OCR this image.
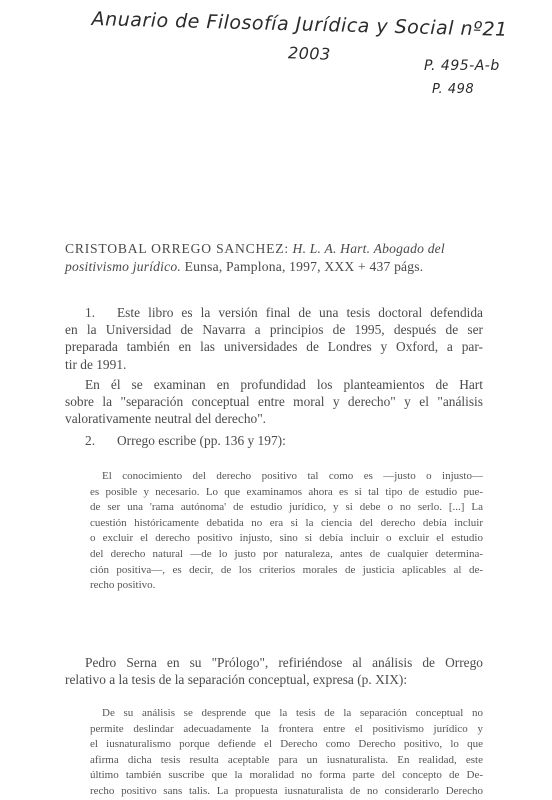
Anuario de Filosofía Jurídica y Social nº21
2003
P. 495-A-b
P. 498
CRISTOBAL ORREGO SANCHEZ: H. L. A. Hart. Abogado del positivismo jurídico. Eunsa, Pamplona, 1997, XXX + 437 págs.
1. Este libro es la versión final de una tesis doctoral defendida
en la Universidad de Navarra a principios de 1995, después de ser
preparada también en las universidades de Londres y Oxford, a par-
tir de 1991.
En él se examinan en profundidad los planteamientos de Hart
sobre la "separación conceptual entre moral y derecho" y el "análisis
valorativamente neutral del derecho".
2. Orrego escribe (pp. 136 y 197):
El conocimiento del derecho positivo tal como es —justo o injusto—
es posible y necesario. Lo que examinamos ahora es si tal tipo de estudio pue-
de ser una 'rama autónoma' de estudio jurídico, y si debe o no serlo. [...] La
cuestión históricamente debatida no era si la ciencia del derecho debía incluir
o excluir el derecho positivo injusto, sino si debía incluir o excluir el estudio
del derecho natural —de lo justo por naturaleza, antes de cualquier determina-
ción positiva—, es decir, de los criterios morales de justicia aplicables al de-
recho positivo.
Pedro Serna en su "Prólogo", refiriéndose al análisis de Orrego
relativo a la tesis de la separación conceptual, expresa (p. XIX):
De su análisis se desprende que la tesis de la separación conceptual no
permite deslindar adecuadamente la frontera entre el positivismo jurídico y
el iusnaturalismo porque defiende el Derecho como Derecho positivo, lo que
afirma dicha tesis resulta aceptable para un iusnaturalista. En realidad, este
último también suscribe que la moralidad no forma parte del concepto de De-
recho positivo sans talis. La propuesta iusnaturalista de no considerarlo Derecho
